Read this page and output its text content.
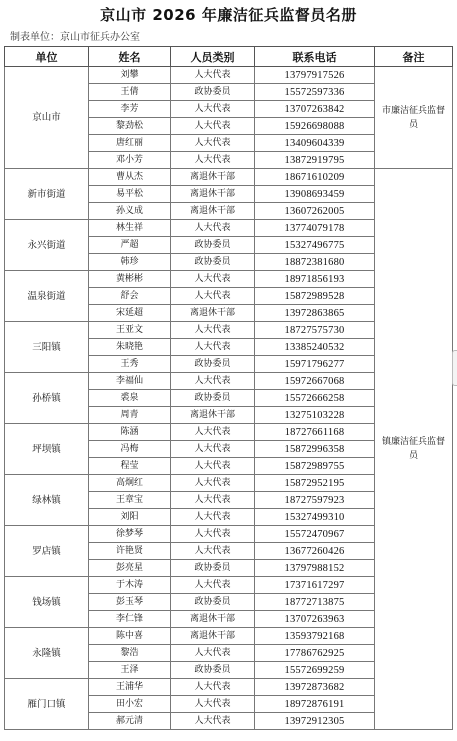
京山市 2026 年廉洁征兵监督员名册
制表单位：京山市征兵办公室
单位	姓名	人员类别	联系电话	备注
京山市	刘攀	人大代表	13797917526	市廉洁征兵监督员
	王倩	政协委员	15572597336	
	李芳	人大代表	13707263842	
	黎劲松	人大代表	15926698088	
	唐红丽	人大代表	13409604339	
	邓小芳	人大代表	13872919795	
新市街道	曹从杰	离退休干部	18671610209	镇廉洁征兵监督员
	易平松	离退休干部	13908693459	
	孙义成	离退休干部	13607262005	
永兴街道	林生祥	人大代表	13774079178	
	严超	政协委员	15327496775	
	韩珍	政协委员	18872381680	
温泉街道	黄彬彬	人大代表	18971856193	
	舒会	人大代表	15872989528	
	宋延超	离退休干部	13972863865	
三阳镇	王亚文	人大代表	18727575730	
	朱晓艳	人大代表	13385240532	
	王秀	政协委员	15971796277	
孙桥镇	李福仙	人大代表	15972667068	
	裘泉	政协委员	15572666258	
	周青	离退休干部	13275103228	
坪坝镇	陈涵	人大代表	18727661168	
	冯梅	人大代表	15872996358	
	程莹	人大代表	15872989755	
绿林镇	高炯红	人大代表	15872952195	
	王章宝	人大代表	18727597923	
	刘阳	人大代表	15327499310	
罗店镇	徐梦琴	人大代表	15572470967	
	许艳贤	人大代表	13677260426	
	彭亮星	政协委员	13797988152	
钱场镇	于木涛	人大代表	17371617297	
	彭玉琴	政协委员	18772713875	
	李仁锋	离退休干部	13707263963	
永隆镇	陈中喜	离退休干部	13593792168	
	黎浩	人大代表	17786762925	
	王泽	政协委员	15572699259	
雁门口镇	王浦华	人大代表	13972873682	
	田小宏	人大代表	18972876191	
	郝元清	人大代表	13972912305	
